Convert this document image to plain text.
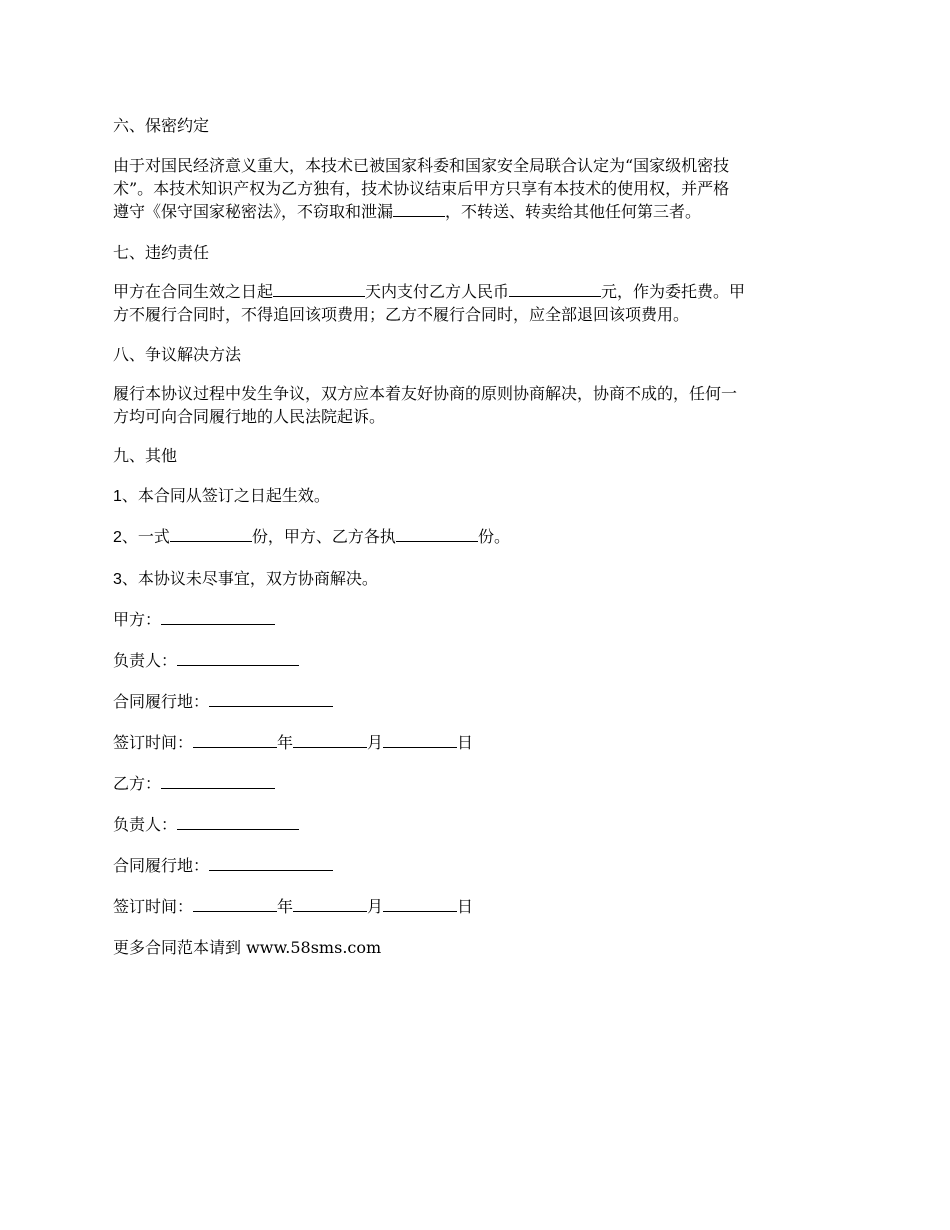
六、保密约定
由于对国民经济意义重大，本技术已被国家科委和国家安全局联合认定为“国家级机密技
术”。本技术知识产权为乙方独有，技术协议结束后甲方只享有本技术的使用权，并严格
遵守《保守国家秘密法》，不窃取和泄漏	，不转送、转卖给其他任何第三者。
七、违约责任
甲方在合同生效之日起	天内支付乙方人民币	元，作为委托费。甲
方不履行合同时，不得追回该项费用；乙方不履行合同时，应全部退回该项费用。
八、争议解决方法
履行本协议过程中发生争议，双方应本着友好协商的原则协商解决，协商不成的，任何一
方均可向合同履行地的人民法院起诉。
九、其他
1、本合同从签订之日起生效。
2、一式	份，甲方、乙方各执	份。
3、本协议未尽事宜，双方协商解决。
甲方：
负责人：
合同履行地：
签订时间：	年	月	日
乙方：
负责人：
合同履行地：
签订时间：	年	月	日
更多合同范本请到 www.58sms.com
